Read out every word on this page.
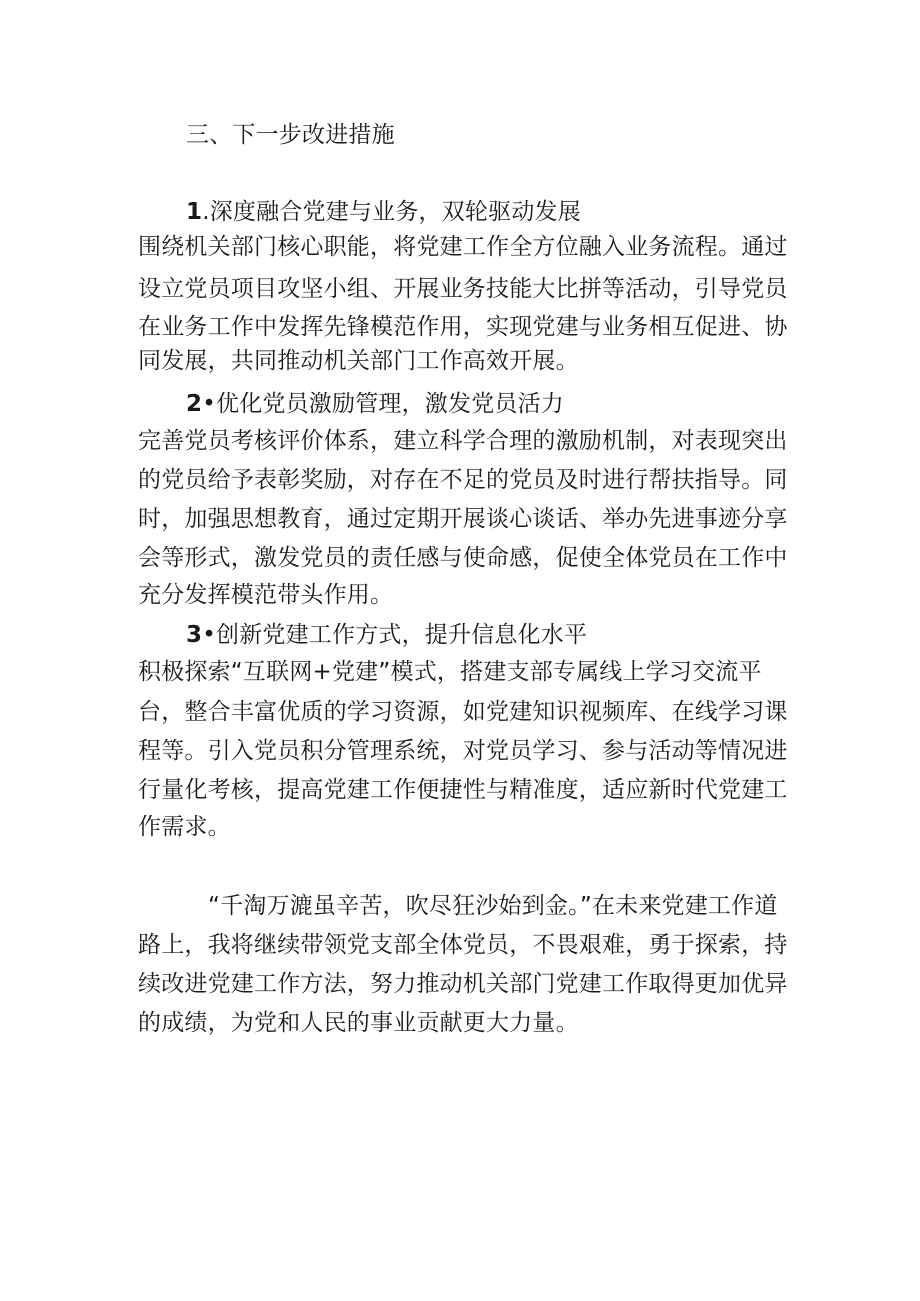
三、下一步改进措施
1.深度融合党建与业务，双轮驱动发展
围绕机关部门核心职能，将党建工作全方位融入业务流程。通过
设立党员项目攻坚小组、开展业务技能大比拼等活动，引导党员
在业务工作中发挥先锋模范作用，实现党建与业务相互促进、协
同发展，共同推动机关部门工作高效开展。
2•优化党员激励管理，激发党员活力
完善党员考核评价体系，建立科学合理的激励机制，对表现突出
的党员给予表彰奖励，对存在不足的党员及时进行帮扶指导。同
时，加强思想教育，通过定期开展谈心谈话、举办先进事迹分享
会等形式，激发党员的责任感与使命感，促使全体党员在工作中
充分发挥模范带头作用。
3•创新党建工作方式，提升信息化水平
积极探索“互联网+党建”模式，搭建支部专属线上学习交流平
台，整合丰富优质的学习资源，如党建知识视频库、在线学习课
程等。引入党员积分管理系统，对党员学习、参与活动等情况进
行量化考核，提高党建工作便捷性与精准度，适应新时代党建工
作需求。
“千淘万漉虽辛苦，吹尽狂沙始到金。”在未来党建工作道
路上，我将继续带领党支部全体党员，不畏艰难，勇于探索，持
续改进党建工作方法，努力推动机关部门党建工作取得更加优异
的成绩，为党和人民的事业贡献更大力量。
